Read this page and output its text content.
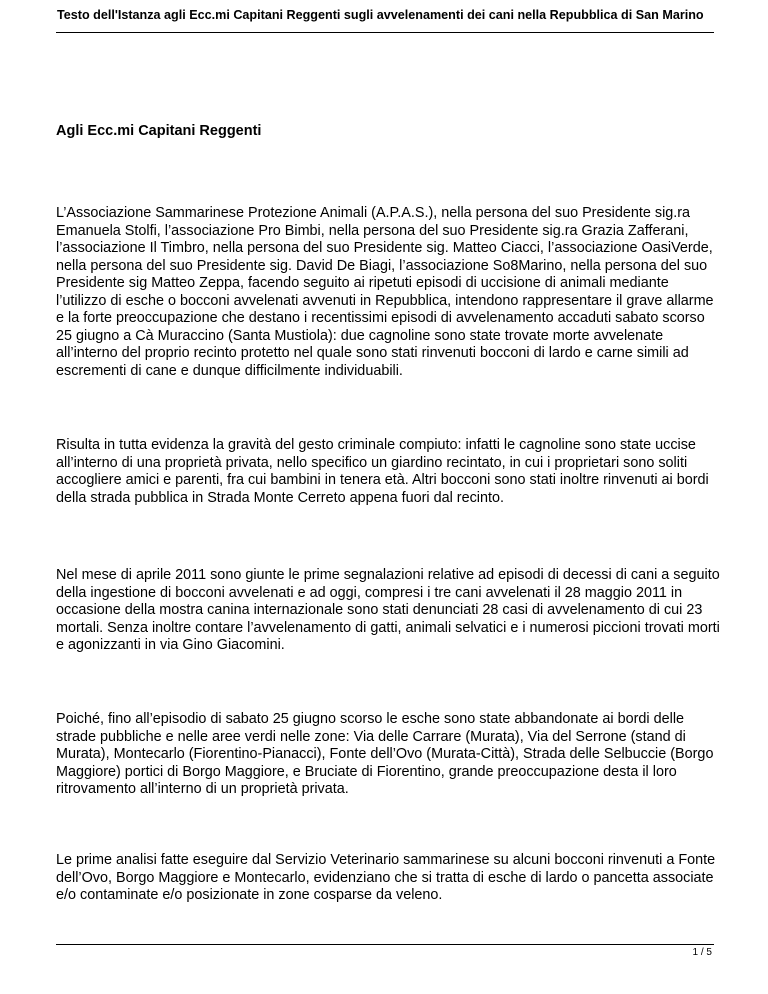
Testo dell'Istanza agli Ecc.mi Capitani Reggenti sugli avvelenamenti dei cani nella Repubblica di San Marino
Agli Ecc.mi Capitani Reggenti

L’Associazione Sammarinese Protezione Animali (A.P.A.S.), nella persona del suo Presidente sig.ra Emanuela Stolfi, l’associazione Pro Bimbi, nella persona del suo Presidente sig.ra Grazia Zafferani, l’associazione Il Timbro, nella persona del suo Presidente sig. Matteo Ciacci, l’associazione OasiVerde, nella persona del suo Presidente sig. David De Biagi, l’associazione So8Marino, nella persona del suo Presidente sig Matteo Zeppa, facendo seguito ai ripetuti episodi di uccisione di animali mediante l’utilizzo di esche o bocconi avvelenati avvenuti in Repubblica, intendono rappresentare il grave allarme e la forte preoccupazione che destano i recentissimi episodi di avvelenamento accaduti sabato scorso 25 giugno a Cà Muraccino (Santa Mustiola): due cagnoline sono state trovate morte avvelenate all’interno del proprio recinto protetto nel quale sono stati rinvenuti bocconi di lardo e carne simili ad escrementi di cane e dunque difficilmente individuabili.

Risulta in tutta evidenza la gravità del gesto criminale compiuto: infatti le cagnoline sono state uccise all’interno di una proprietà privata, nello specifico un giardino recintato, in cui i proprietari sono soliti accogliere amici e parenti, fra cui bambini in tenera età. Altri bocconi sono stati inoltre rinvenuti ai bordi della strada pubblica in Strada Monte Cerreto appena fuori dal recinto.

Nel mese di aprile 2011 sono giunte le prime segnalazioni relative ad episodi di decessi di cani a seguito della ingestione di bocconi avvelenati e ad oggi, compresi i tre cani avvelenati il 28 maggio 2011 in occasione della mostra canina internazionale sono stati denunciati 28 casi di avvelenamento di cui 23 mortali. Senza inoltre contare l’avvelenamento di gatti, animali selvatici e i numerosi piccioni trovati morti e agonizzanti in via Gino Giacomini.

Poiché, fino all’episodio di sabato 25 giugno scorso le esche sono state abbandonate ai bordi delle strade pubbliche e nelle aree verdi nelle zone: Via delle Carrare (Murata), Via del Serrone (stand di Murata), Montecarlo (Fiorentino-Pianacci), Fonte dell’Ovo (Murata-Città), Strada delle Selbuccie (Borgo Maggiore) portici di Borgo Maggiore, e Bruciate di Fiorentino, grande preoccupazione desta il loro ritrovamento all’interno di un proprietà privata.

Le prime analisi fatte eseguire dal Servizio Veterinario sammarinese su alcuni bocconi rinvenuti a Fonte dell’Ovo, Borgo Maggiore e Montecarlo, evidenziano che si tratta di esche di lardo o pancetta associate e/o contaminate e/o posizionate in zone cosparse da veleno.

1 / 5
